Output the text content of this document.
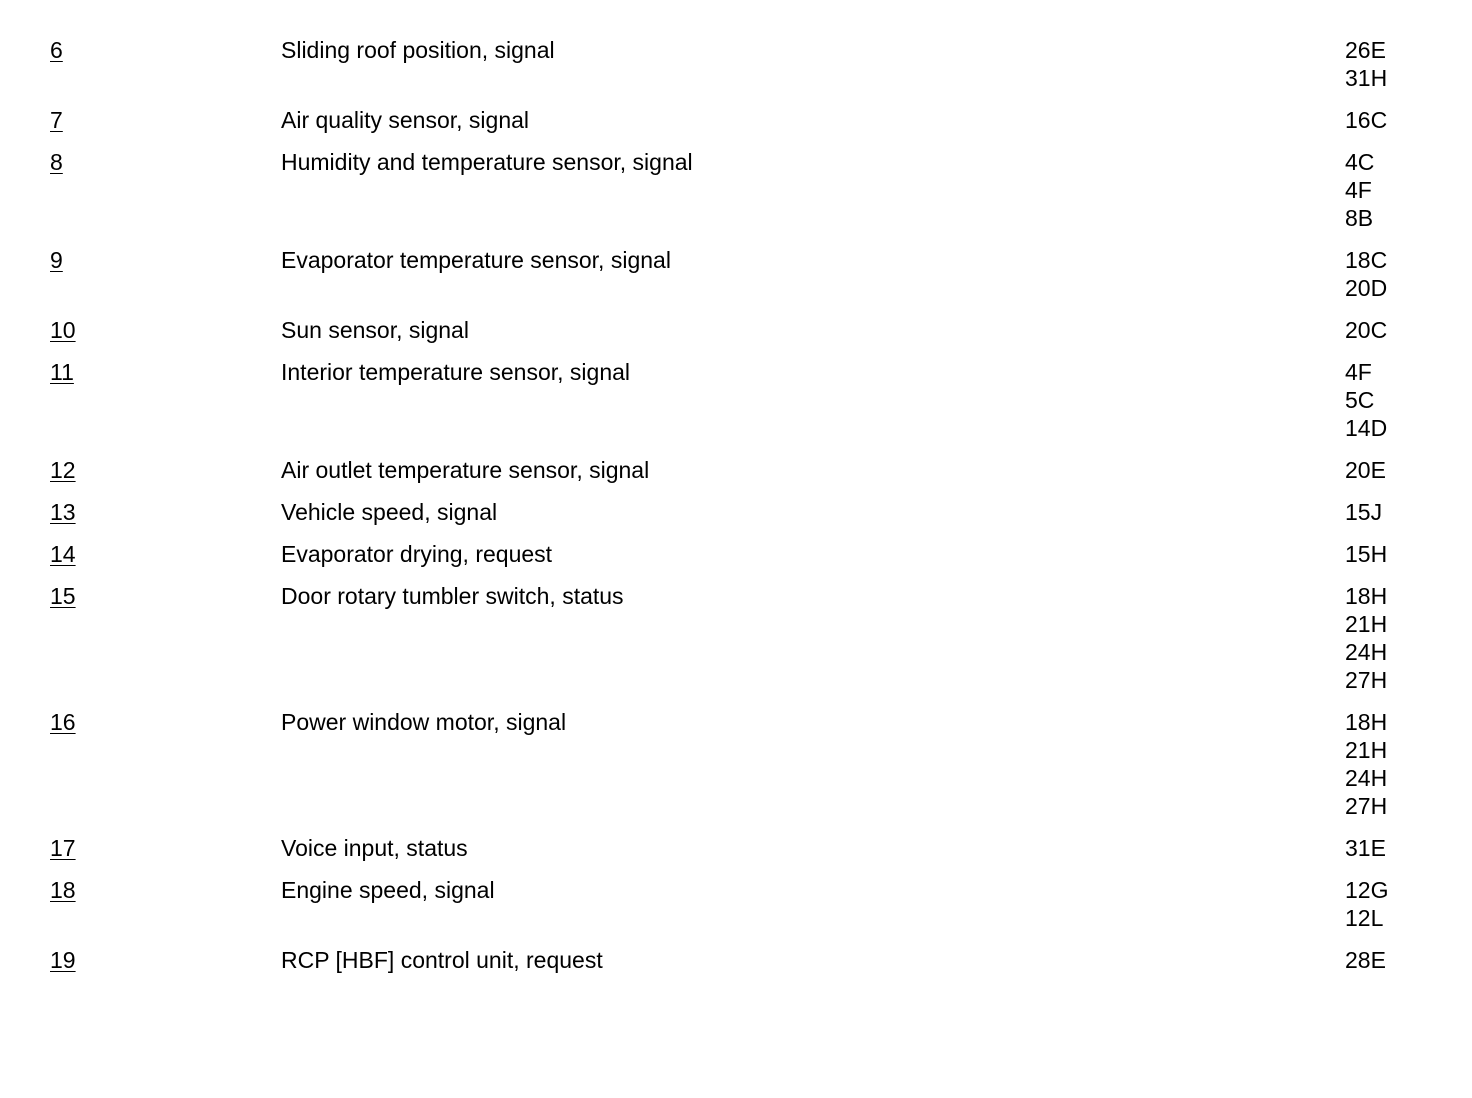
6	Sliding roof position, signal	26E
31H
7	Air quality sensor, signal	16C
8	Humidity and temperature sensor, signal	4C
4F
8B
9	Evaporator temperature sensor, signal	18C
20D
10	Sun sensor, signal	20C
11	Interior temperature sensor, signal	4F
5C
14D
12	Air outlet temperature sensor, signal	20E
13	Vehicle speed, signal	15J
14	Evaporator drying, request	15H
15	Door rotary tumbler switch, status	18H
21H
24H
27H
16	Power window motor, signal	18H
21H
24H
27H
17	Voice input, status	31E
18	Engine speed, signal	12G
12L
19	RCP [HBF] control unit, request	28E
